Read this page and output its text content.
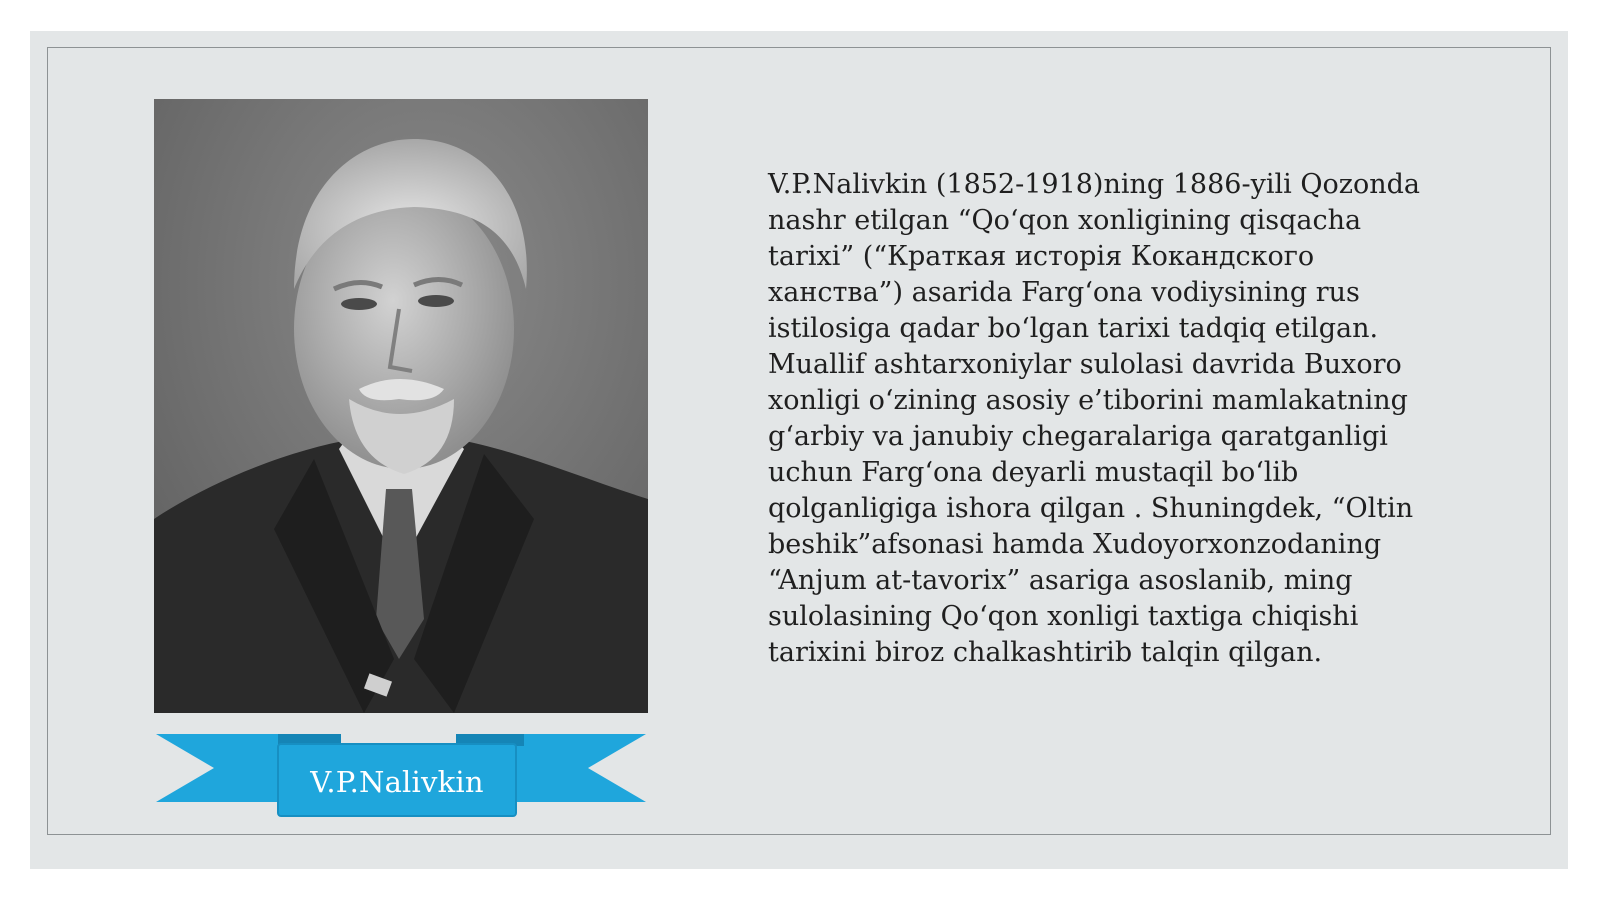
V.P.Nalivkin

V.P.Nalivkin (1852-1918)ning 1886-yili Qozonda
nashr etilgan “Qo‘qon xonligining qisqacha
tarixi” (“Краткая исторія Кокандского
ханства”) asarida Farg‘ona vodiysining rus
istilosiga qadar bo‘lgan tarixi tadqiq etilgan.
Muallif ashtarxoniylar sulolasi davrida Buxoro
xonligi o‘zining asosiy e’tiborini mamlakatning
g‘arbiy va janubiy chegaralariga qaratganligi
uchun Farg‘ona deyarli mustaqil bo‘lib
qolganligiga ishora qilgan . Shuningdek, “Oltin
beshik”afsonasi hamda Xudoyorxonzodaning
“Anjum at-tavorix” asariga asoslanib, ming
sulolasining Qo‘qon xonligi taxtiga chiqishi
tarixini biroz chalkashtirib talqin qilgan.
